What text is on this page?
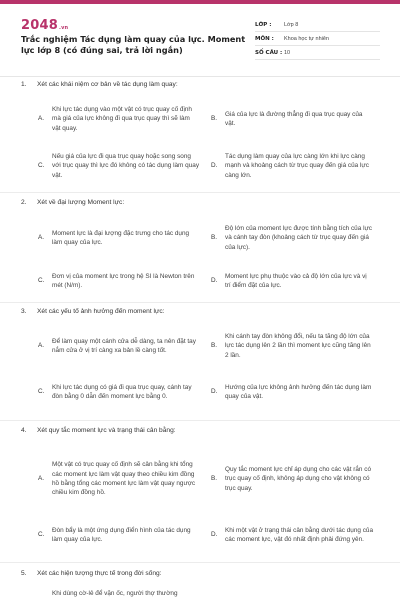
2048.vn
Trắc nghiệm Tác dụng làm quay của lực. Moment lực lớp 8 (có đúng sai, trả lời ngắn)
LỚP :	Lớp 8
MÔN :	Khoa học tự nhiên
SỐ CÂU : 10
1. Xét các khái niệm cơ bản về tác dụng làm quay:
A.
Khi lực tác dụng vào một vật có trục quay cố định mà giá của lực không đi qua trục quay thì sẽ làm vật quay.
B.
Giá của lực là đường thẳng đi qua trục quay của vật.
C.
Nếu giá của lực đi qua trục quay hoặc song song với trục quay thì lực đó không có tác dụng làm quay vật.
D.
Tác dụng làm quay của lực càng lớn khi lực càng mạnh và khoảng cách từ trục quay đến giá của lực càng lớn.
2. Xét về đại lượng Moment lực:
A.
Moment lực là đại lượng đặc trưng cho tác dụng làm quay của lực.
B.
Độ lớn của moment lực được tính bằng tích của lực và cánh tay đòn (khoảng cách từ trục quay đến giá của lực).
C.
Đơn vị của moment lực trong hệ SI là Newton trên mét (N/m).
D.
Moment lực phụ thuộc vào cả độ lớn của lực và vị trí điểm đặt của lực.
3. Xét các yếu tố ảnh hưởng đến moment lực:
A.
Để làm quay một cánh cửa dễ dàng, ta nên đặt tay nắm cửa ở vị trí càng xa bản lề càng tốt.
B.
Khi cánh tay đòn không đổi, nếu ta tăng độ lớn của lực tác dụng lên 2 lần thì moment lực cũng tăng lên 2 lần.
C.
Khi lực tác dụng có giá đi qua trục quay, cánh tay đòn bằng 0 dẫn đến moment lực bằng 0.
D.
Hướng của lực không ảnh hưởng đến tác dụng làm quay của vật.
4. Xét quy tắc moment lực và trạng thái cân bằng:
A.
Một vật có trục quay cố định sẽ cân bằng khi tổng các moment lực làm vật quay theo chiều kim đồng hồ bằng tổng các moment lực làm vật quay ngược chiều kim đồng hồ.
B.
Quy tắc moment lực chỉ áp dụng cho các vật rắn có trục quay cố định, không áp dụng cho vật không có trục quay.
C.
Đòn bẩy là một ứng dụng điển hình của tác dụng làm quay của lực.
D.
Khi một vật ở trạng thái cân bằng dưới tác dụng của các moment lực, vật đó nhất định phải đứng yên.
5. Xét các hiện tượng thực tế trong đời sống:
Khi dùng cờ-lê để vặn ốc, người thợ thường
